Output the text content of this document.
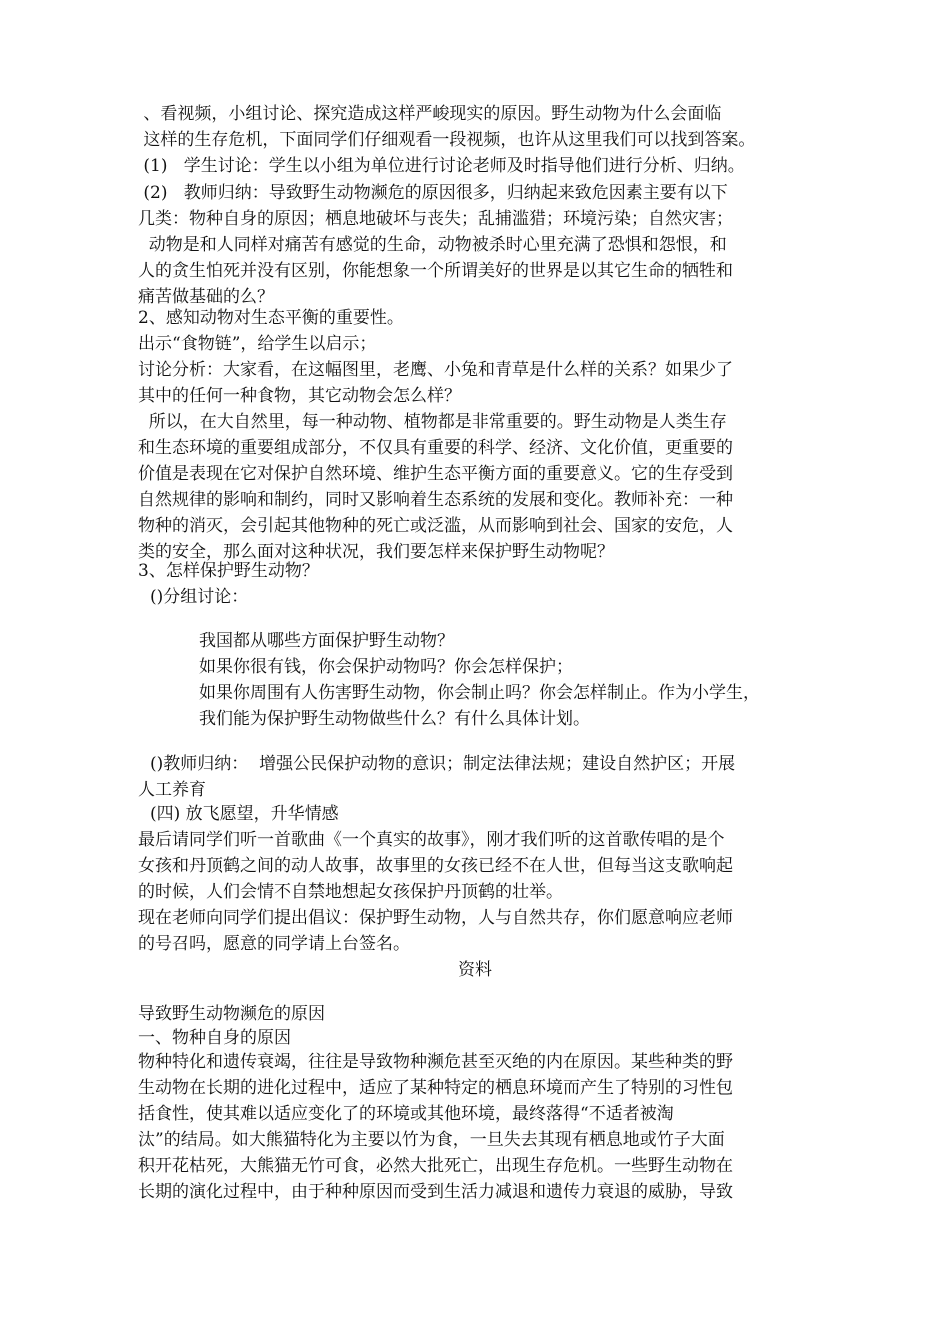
、看视频，小组讨论、探究造成这样严峻现实的原因。野生动物为什么会面临
这样的生存危机，下面同学们仔细观看一段视频，也许从这里我们可以找到答案。
(1)   学生讨论：学生以小组为单位进行讨论老师及时指导他们进行分析、归纳。
(2)   教师归纳：导致野生动物濒危的原因很多，归纳起来致危因素主要有以下
几类：物种自身的原因；栖息地破坏与丧失；乱捕滥猎；环境污染；自然灾害；
动物是和人同样对痛苦有感觉的生命，动物被杀时心里充满了恐惧和怨恨，和
人的贪生怕死并没有区别，你能想象一个所谓美好的世界是以其它生命的牺牲和
痛苦做基础的么？
2、感知动物对生态平衡的重要性。
出示“食物链”，给学生以启示；
讨论分析：大家看，在这幅图里，老鹰、小兔和青草是什么样的关系？如果少了
其中的任何一种食物，其它动物会怎么样？
所以，在大自然里，每一种动物、植物都是非常重要的。野生动物是人类生存
和生态环境的重要组成部分，不仅具有重要的科学、经济、文化价值，更重要的
价值是表现在它对保护自然环境、维护生态平衡方面的重要意义。它的生存受到
自然规律的影响和制约，同时又影响着生态系统的发展和变化。教师补充：一种
物种的消灭，会引起其他物种的死亡或泛滥，从而影响到社会、国家的安危，人
类的安全，那么面对这种状况，我们要怎样来保护野生动物呢？
3、怎样保护野生动物？
()分组讨论：
我国都从哪些方面保护野生动物？
如果你很有钱，你会保护动物吗？你会怎样保护；
如果你周围有人伤害野生动物，你会制止吗？你会怎样制止。作为小学生，
我们能为保护野生动物做些什么？有什么具体计划。
()教师归纳：  增强公民保护动物的意识；制定法律法规；建设自然护区；开展
人工养育
(四) 放飞愿望，升华情感
最后请同学们听一首歌曲《一个真实的故事》，刚才我们听的这首歌传唱的是个
女孩和丹顶鹤之间的动人故事，故事里的女孩已经不在人世，但每当这支歌响起
的时候，人们会情不自禁地想起女孩保护丹顶鹤的壮举。
现在老师向同学们提出倡议：保护野生动物，人与自然共存，你们愿意响应老师
的号召吗，愿意的同学请上台签名。
资料
导致野生动物濒危的原因
一、物种自身的原因
物种特化和遗传衰竭，往往是导致物种濒危甚至灭绝的内在原因。某些种类的野
生动物在长期的进化过程中，适应了某种特定的栖息环境而产生了特别的习性包
括食性，使其难以适应变化了的环境或其他环境，最终落得“不适者被淘
汰”的结局。如大熊猫特化为主要以竹为食，一旦失去其现有栖息地或竹子大面
积开花枯死，大熊猫无竹可食，必然大批死亡，出现生存危机。一些野生动物在
长期的演化过程中，由于种种原因而受到生活力减退和遗传力衰退的威胁，导致
